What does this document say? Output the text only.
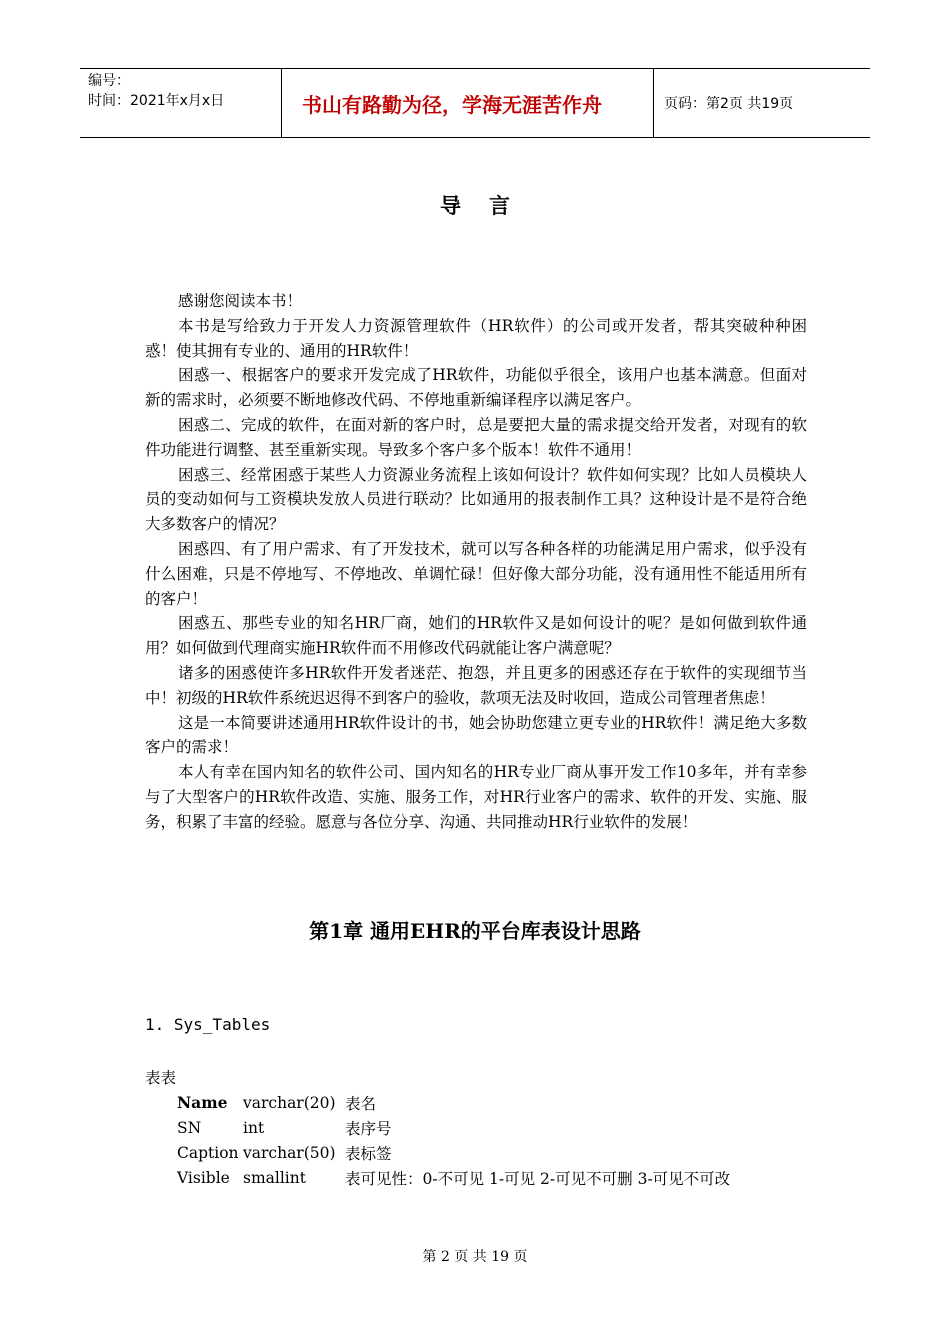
编号：
时间：2021年x月x日	书山有路勤为径，学海无涯苦作舟	页码：第2页 共19页
导言

感谢您阅读本书！

本书是写给致力于开发人力资源管理软件（HR软件）的公司或开发者，帮其突破种种困惑！使其拥有专业的、通用的HR软件！

困惑一、根据客户的要求开发完成了HR软件，功能似乎很全，该用户也基本满意。但面对新的需求时，必须要不断地修改代码、不停地重新编译程序以满足客户。

困惑二、完成的软件，在面对新的客户时，总是要把大量的需求提交给开发者，对现有的软件功能进行调整、甚至重新实现。导致多个客户多个版本！软件不通用！

困惑三、经常困惑于某些人力资源业务流程上该如何设计？软件如何实现？比如人员模块人员的变动如何与工资模块发放人员进行联动？比如通用的报表制作工具？这种设计是不是符合绝大多数客户的情况？

困惑四、有了用户需求、有了开发技术，就可以写各种各样的功能满足用户需求，似乎没有什么困难，只是不停地写、不停地改、单调忙碌！但好像大部分功能，没有通用性不能适用所有的客户！

困惑五、那些专业的知名HR厂商，她们的HR软件又是如何设计的呢？是如何做到软件通用？如何做到代理商实施HR软件而不用修改代码就能让客户满意呢？

诸多的困惑使许多HR软件开发者迷茫、抱怨，并且更多的困惑还存在于软件的实现细节当中！初级的HR软件系统迟迟得不到客户的验收，款项无法及时收回，造成公司管理者焦虑！

这是一本简要讲述通用HR软件设计的书，她会协助您建立更专业的HR软件！满足绝大多数客户的需求！

本人有幸在国内知名的软件公司、国内知名的HR专业厂商从事开发工作10多年，并有幸参与了大型客户的HR软件改造、实施、服务工作，对HR行业客户的需求、软件的开发、实施、服务，积累了丰富的经验。愿意与各位分享、沟通、共同推动HR行业软件的发展！

第1章 通用EHR的平台库表设计思路
1. Sys_Tables
表表
Name	varchar(20)	表名
SN	int	表序号
Caption	varchar(50)	表标签
Visible	smallint	表可见性：0-不可见 1-可见 2-可见不可删 3-可见不可改
第 2 页 共 19 页
